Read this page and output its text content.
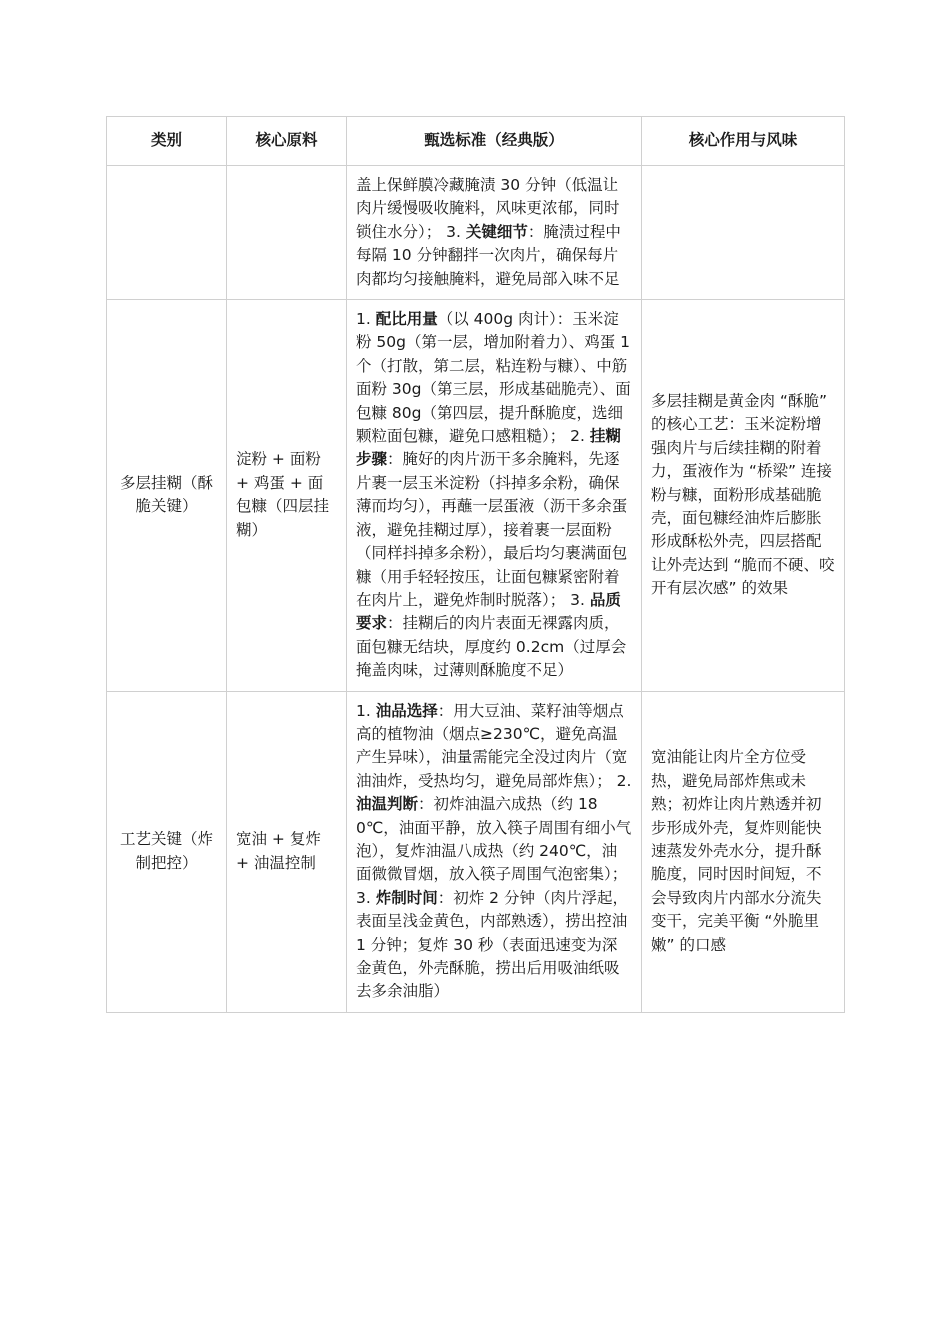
类别	核心原料	甄选标准（经典版）	核心作用与风味
		盖上保鲜膜冷藏腌渍 30 分钟（低温让肉片缓慢吸收腌料，风味更浓郁，同时锁住水分）； 3. 关键细节：腌渍过程中每隔 10 分钟翻拌一次肉片，确保每片肉都均匀接触腌料，避免局部入味不足	
多层挂糊（酥脆关键）	淀粉 + 面粉 + 鸡蛋 + 面包糠（四层挂糊）	1. 配比用量（以 400g 肉计）：玉米淀粉 50g（第一层，增加附着力）、鸡蛋 1 个（打散，第二层，粘连粉与糠）、中筋面粉 30g（第三层，形成基础脆壳）、面包糠 80g（第四层，提升酥脆度，选细颗粒面包糠，避免口感粗糙）； 2. 挂糊步骤：腌好的肉片沥干多余腌料，先逐片裹一层玉米淀粉（抖掉多余粉，确保薄而均匀），再蘸一层蛋液（沥干多余蛋液，避免挂糊过厚），接着裹一层面粉（同样抖掉多余粉），最后均匀裹满面包糠（用手轻轻按压，让面包糠紧密附着在肉片上，避免炸制时脱落）； 3. 品质要求：挂糊后的肉片表面无裸露肉质，面包糠无结块，厚度约 0.2cm（过厚会掩盖肉味，过薄则酥脆度不足）	多层挂糊是黄金肉 “酥脆” 的核心工艺：玉米淀粉增强肉片与后续挂糊的附着力，蛋液作为 “桥梁” 连接粉与糠，面粉形成基础脆壳，面包糠经油炸后膨胀形成酥松外壳，四层搭配让外壳达到 “脆而不硬、咬开有层次感” 的效果
工艺关键（炸制把控）	宽油 + 复炸 + 油温控制	1. 油品选择：用大豆油、菜籽油等烟点高的植物油（烟点≥230℃，避免高温产生异味），油量需能完全没过肉片（宽油油炸，受热均匀，避免局部炸焦）； 2. 油温判断：初炸油温六成热（约 180℃，油面平静，放入筷子周围有细小气泡），复炸油温八成热（约 240℃，油面微微冒烟，放入筷子周围气泡密集）； 3. 炸制时间：初炸 2 分钟（肉片浮起，表面呈浅金黄色，内部熟透），捞出控油 1 分钟；复炸 30 秒（表面迅速变为深金黄色，外壳酥脆，捞出后用吸油纸吸去多余油脂）	宽油能让肉片全方位受热，避免局部炸焦或未熟；初炸让肉片熟透并初步形成外壳，复炸则能快速蒸发外壳水分，提升酥脆度，同时因时间短，不会导致肉片内部水分流失变干，完美平衡 “外脆里嫩” 的口感
